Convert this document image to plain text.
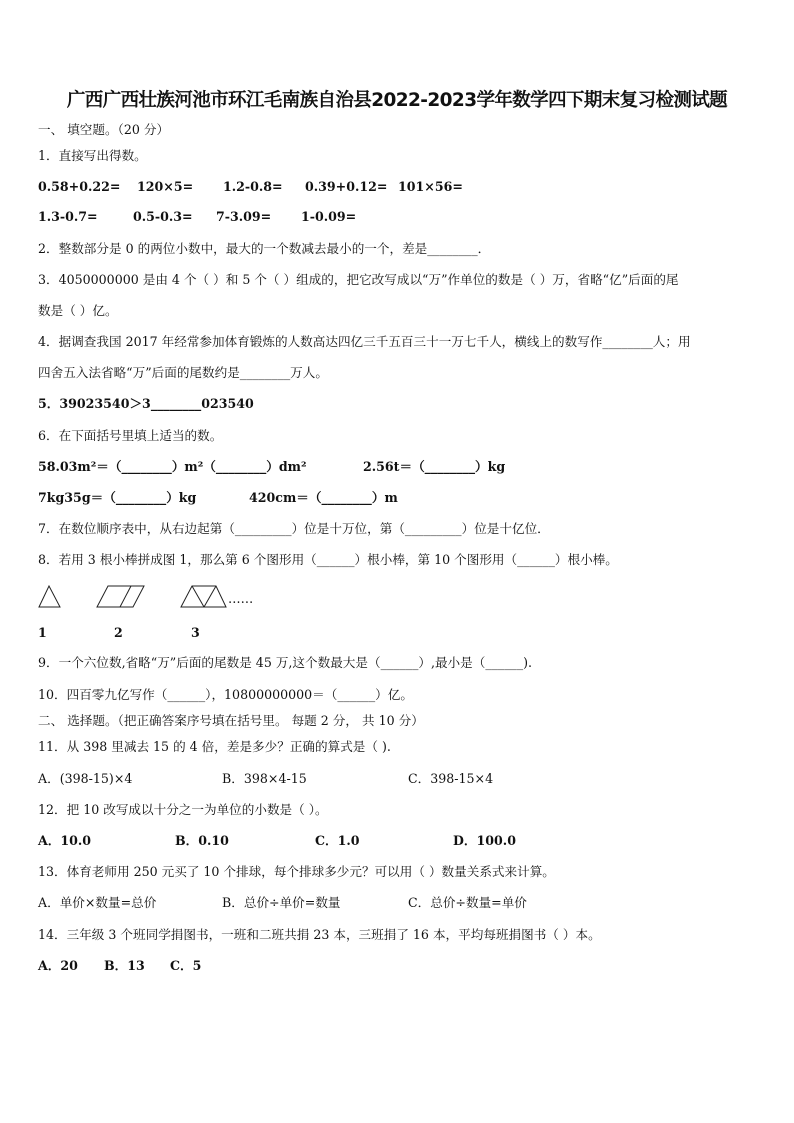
广西广西壮族河池市环江毛南族自治县2022-2023学年数学四下期末复习检测试题
一、 填空题。（20 分）
1．直接写出得数。
0.58+0.22= 120×5= 1.2-0.8= 0.39+0.12= 101×56=
1.3-0.7=	0.5-0.3= 7-3.09= 1-0.09=
2．整数部分是 0 的两位小数中，最大的一个数减去最小的一个，差是________．
3．4050000000 是由 4 个（ ）和 5 个（ ）组成的，把它改写成以“万”作单位的数是（ ）万，省略“亿”后面的尾
数是（ ）亿。
4．据调查我国 2017 年经常参加体育锻炼的人数高达四亿三千五百三十一万七千人，横线上的数写作________人；用
四舍五入法省略“万”后面的尾数约是________万人。
5．39023540＞3________023540
6．在下面括号里填上适当的数。
58.03m²＝（________）m²（________）dm²	2.56t＝（________）kg
7kg35g＝（________）kg	420cm＝（________）m
7．在数位顺序表中，从右边起第（_________）位是十万位，第（_________）位是十亿位．
8．若用 3 根小棒拼成图 1，那么第 6 个图形用（______）根小棒，第 10 个图形用（______）根小棒。
……
1	2	3
9．一个六位数,省略“万”后面的尾数是 45 万,这个数最大是（______）,最小是（______).
10．四百零九亿写作（______），10800000000＝（______）亿。
二、 选择题。（把正确答案序号填在括号里。 每题 2 分， 共 10 分）
11．从 398 里减去 15 的 4 倍，差是多少？正确的算式是（ ).
A．(398-15)×4	B．398×4-15	C．398-15×4
12．把 10 改写成以十分之一为单位的小数是（ ）。
A．10.0	B．0.10	C．1.0	D．100.0
13．体育老师用 250 元买了 10 个排球，每个排球多少元？可以用（ ）数量关系式来计算。
A．单价×数量=总价	B．总价÷单价=数量	C．总价÷数量=单价
14．三年级 3 个班同学捐图书，一班和二班共捐 23 本，三班捐了 16 本，平均每班捐图书（ ）本。
A．20 B．13 C．5
